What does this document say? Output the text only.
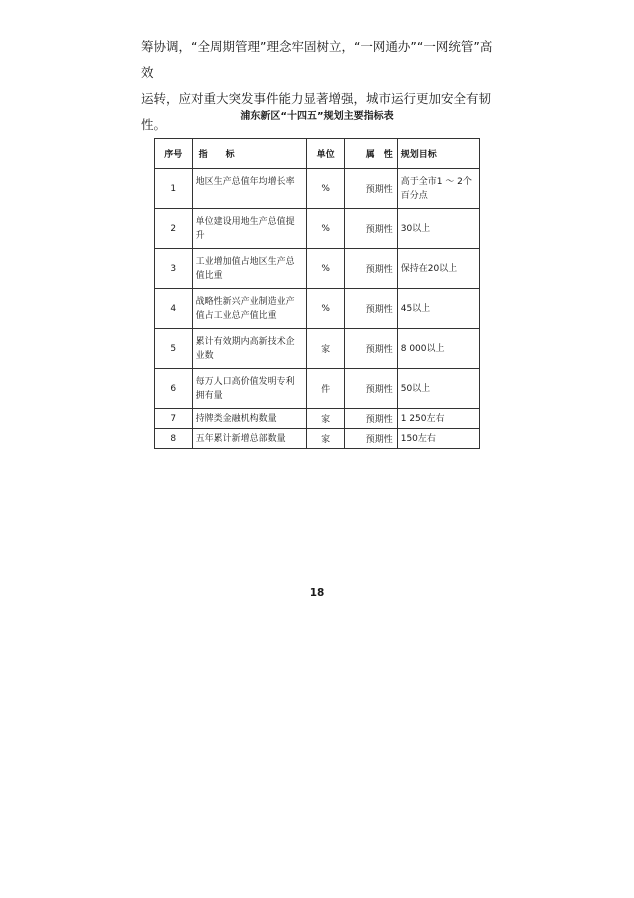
筹协调，“全周期管理”理念牢固树立，“一网通办”“一网统管”高效
运转，应对重大突发事件能力显著增强，城市运行更加安全有韧性。

浦东新区“十四五”规划主要指标表

序号	指　　标	单位	属　性	规划目标
1	地区生产总值年均增长率	%	预期性	高于全市1 ～ 2个百分点

2	单位建设用地生产总值提升	%	预期性	30以上

3	工业增加值占地区生产总值比重	%	预期性	保持在20以上

4	战略性新兴产业制造业产值占工业总产值比重	%	预期性	45以上

5	累计有效期内高新技术企业数	家	预期性	8 000以上

6	每万人口高价值发明专利拥有量	件	预期性	50以上

7	持牌类金融机构数量	家	预期性	1 250左右
8	五年累计新增总部数量	家	预期性	150左右
18
